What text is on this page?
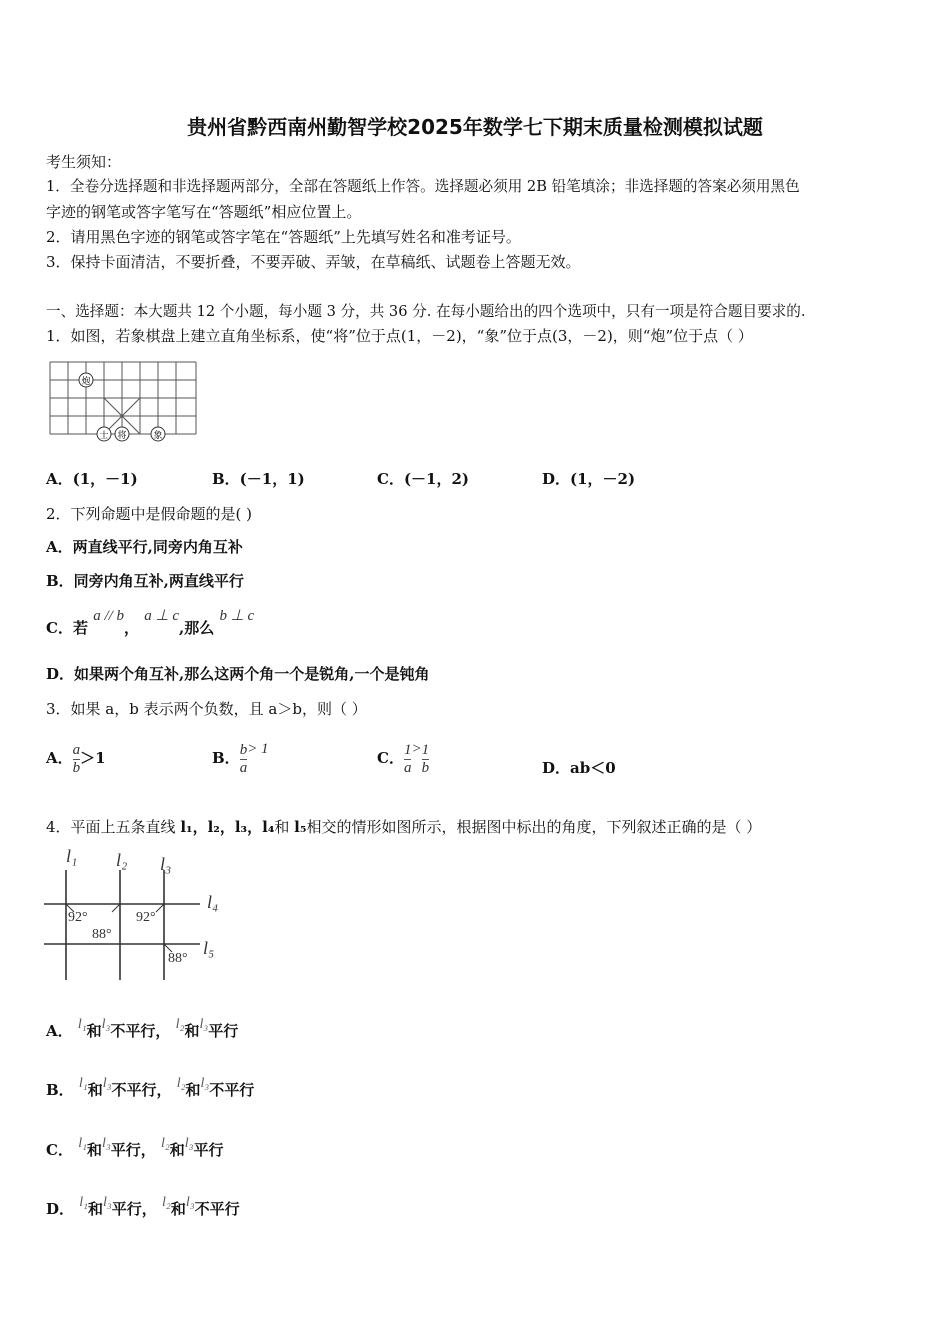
贵州省黔西南州勤智学校2025年数学七下期末质量检测模拟试题
考生须知：
1．全卷分选择题和非选择题两部分，全部在答题纸上作答。选择题必须用 2B 铅笔填涂；非选择题的答案必须用黑色
字迹的钢笔或答字笔写在“答题纸”相应位置上。
2．请用黑色字迹的钢笔或答字笔在“答题纸”上先填写姓名和准考证号。
3．保持卡面清洁，不要折叠，不要弄破、弄皱，在草稿纸、试题卷上答题无效。
一、选择题：本大题共 12 个小题，每小题 3 分，共 36 分. 在每小题给出的四个选项中，只有一项是符合题目要求的.
1．如图，若象棋盘上建立直角坐标系，使“将”位于点(1，－2)，“象”位于点(3，－2)，则“炮”位于点（ ）
炮
士 将	象
A．(1，－1)	B．(－1，1)	C．(－1，2)	D．(1，－2)
2．下列命题中是假命题的是( )
A．两直线平行,同旁内角互补
B．同旁内角互补,两直线平行
C．若 a // b， a ⊥ c,那么 b ⊥ c
D．如果两个角互补,那么这两个角一个是锐角,一个是钝角
3．如果 a，b 表示两个负数，且 a＞b，则（ ）
A． $\frac{a}{b} >1$	B． $\frac{b}{a} > 1$	C． $\frac{1}{a} > \frac{1}{b}$	D．ab＜0
4．平面上五条直线 l₁，l₂，l₃，l₄和 l₅相交的情形如图所示，根据图中标出的角度，下列叙述正确的是（ ）
l₁ l₂ l₃
l₄
l₅
92°	92°
88°
88°
A． l₁和l₃不平行， l₂和l₃平行
B． l₁和l₃不平行， l₂和l₃不平行
C． l₁和l₃平行， l₂和l₃平行
D． l₁和l₃平行， l₂和l₃不平行
